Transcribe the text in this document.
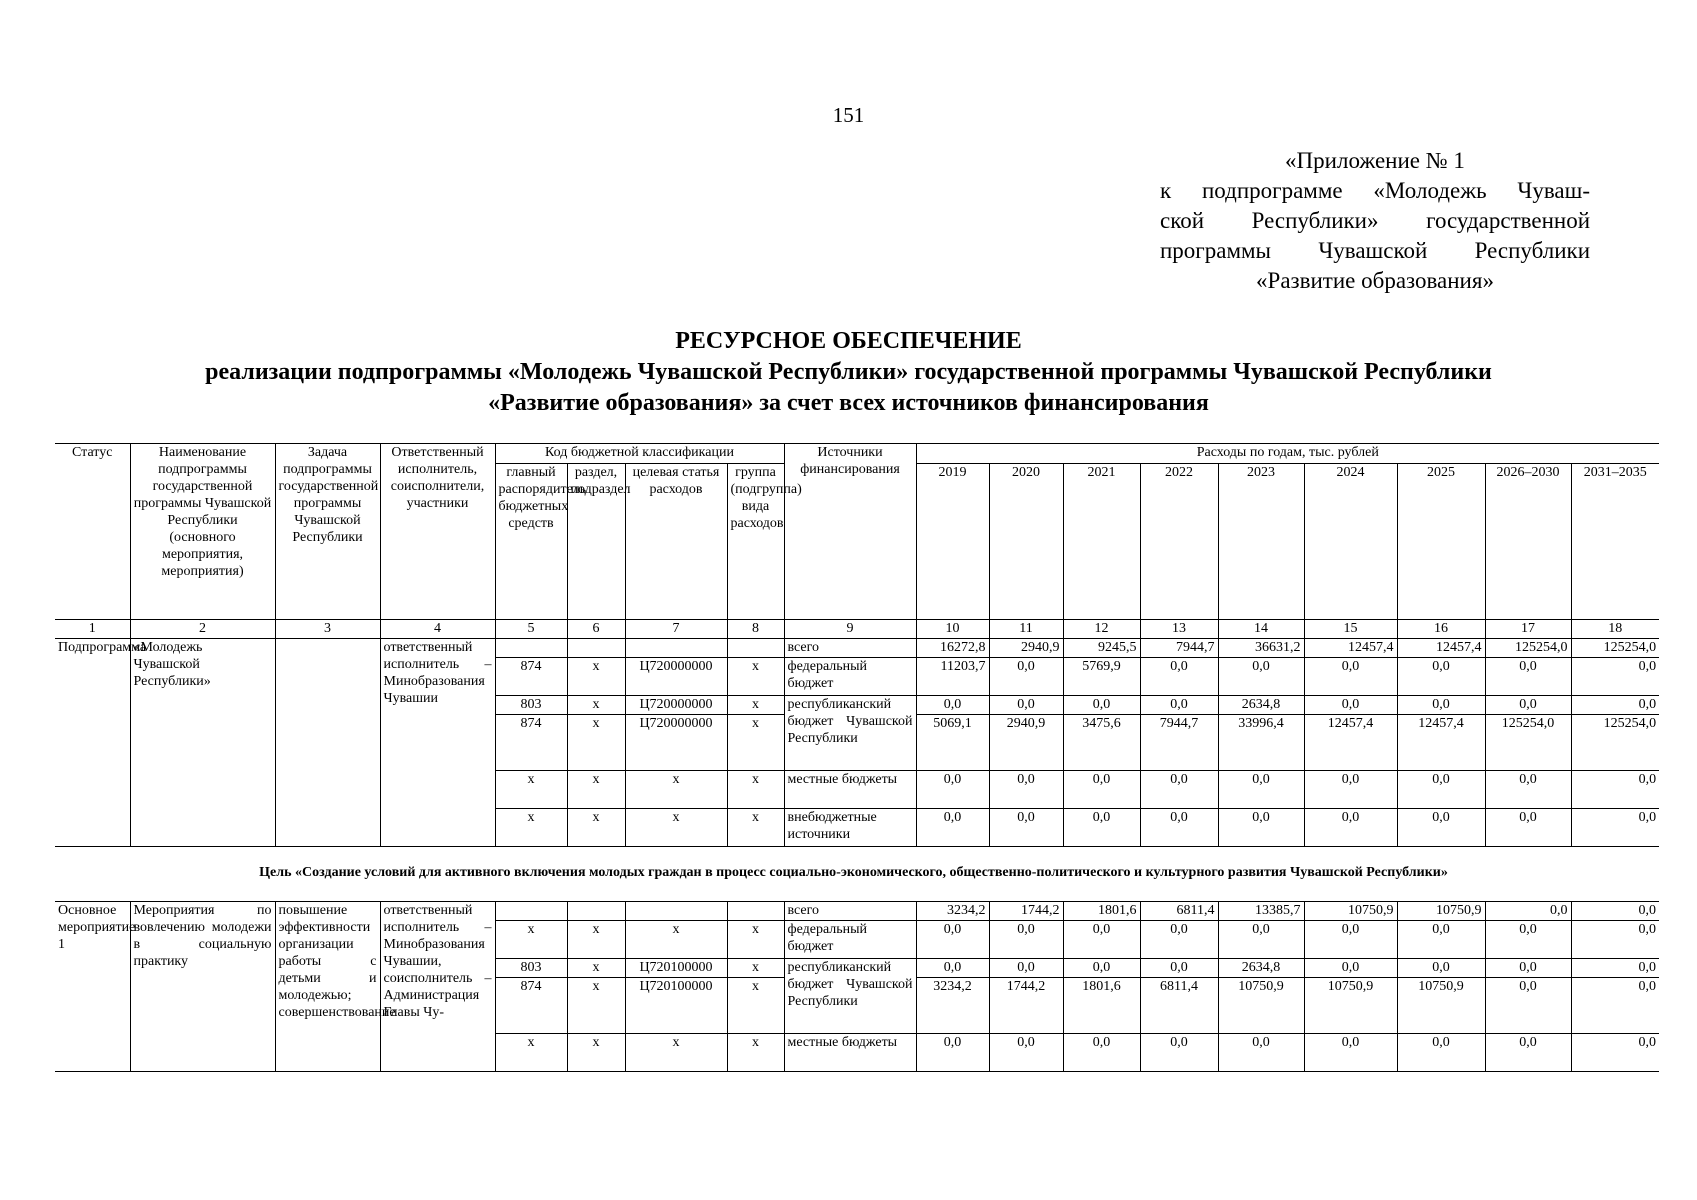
151
«Приложение № 1
к подпрограмме «Молодежь Чуваш-
ской Республики» государственной
программы Чувашской Республики
«Развитие образования»
РЕСУРСНОЕ ОБЕСПЕЧЕНИЕ
реализации подпрограммы «Молодежь Чувашской Республики» государственной программы Чувашской Республики
«Развитие образования» за счет всех источников финансирования
Статус	Наименование подпрограммы государственной программы Чувашской Республики (основного мероприятия, мероприятия)	Задача подпрограммы государственной программы Чувашской Республики	Ответственный исполнитель, соисполнители, участники	Код бюджетной классификации				Источники финансирования	Расходы по годам, тыс. рублей								
				главный распорядитель бюджетных средств	раздел, подраздел	целевая статья расходов	группа (подгруппа) вида расходов		2019	2020	2021	2022	2023	2024	2025	2026–2030	2031–2035
1	2	3	4	5	6	7	8	9	10	11	12	13	14	15	16	17	18
Подпрограмма	«Молодежь Чувашской Республики»		ответственный исполнитель – Минобразования Чувашии					всего	16272,8	2940,9	9245,5	7944,7	36631,2	12457,4	12457,4	125254,0	125254,0
				874	x	Ц720000000	x	федеральный бюджет	11203,7	0,0	5769,9	0,0	0,0	0,0	0,0	0,0	0,0
				803	x	Ц720000000	x	республиканский бюджет Чувашской Республики	0,0	0,0	0,0	0,0	2634,8	0,0	0,0	0,0	0,0
				874	x	Ц720000000	x		5069,1	2940,9	3475,6	7944,7	33996,4	12457,4	12457,4	125254,0	125254,0
				x	x	x	x	местные бюджеты	0,0	0,0	0,0	0,0	0,0	0,0	0,0	0,0	0,0
				x	x	x	x	внебюджетные источники	0,0	0,0	0,0	0,0	0,0	0,0	0,0	0,0	0,0
Цель «Создание условий для активного включения молодых граждан в процесс социально-экономического, общественно-политического и культурного развития Чувашской Республики»
Основное мероприятие 1	Мероприятия по вовлечению молодежи в социальную практику	повышение эффективности организации работы с детьми и молодежью; совершенствование	ответственный исполнитель – Минобразования Чувашии, соисполнитель – Администрация Главы Чу-					всего	3234,2	1744,2	1801,6	6811,4	13385,7	10750,9	10750,9	0,0	0,0
				x	x	x	x	федеральный бюджет	0,0	0,0	0,0	0,0	0,0	0,0	0,0	0,0	0,0
				803	x	Ц720100000	x	республиканский бюджет Чувашской Республики	0,0	0,0	0,0	0,0	2634,8	0,0	0,0	0,0	0,0
				874	x	Ц720100000	x		3234,2	1744,2	1801,6	6811,4	10750,9	10750,9	10750,9	0,0	0,0
				x	x	x	x	местные бюджеты	0,0	0,0	0,0	0,0	0,0	0,0	0,0	0,0	0,0
